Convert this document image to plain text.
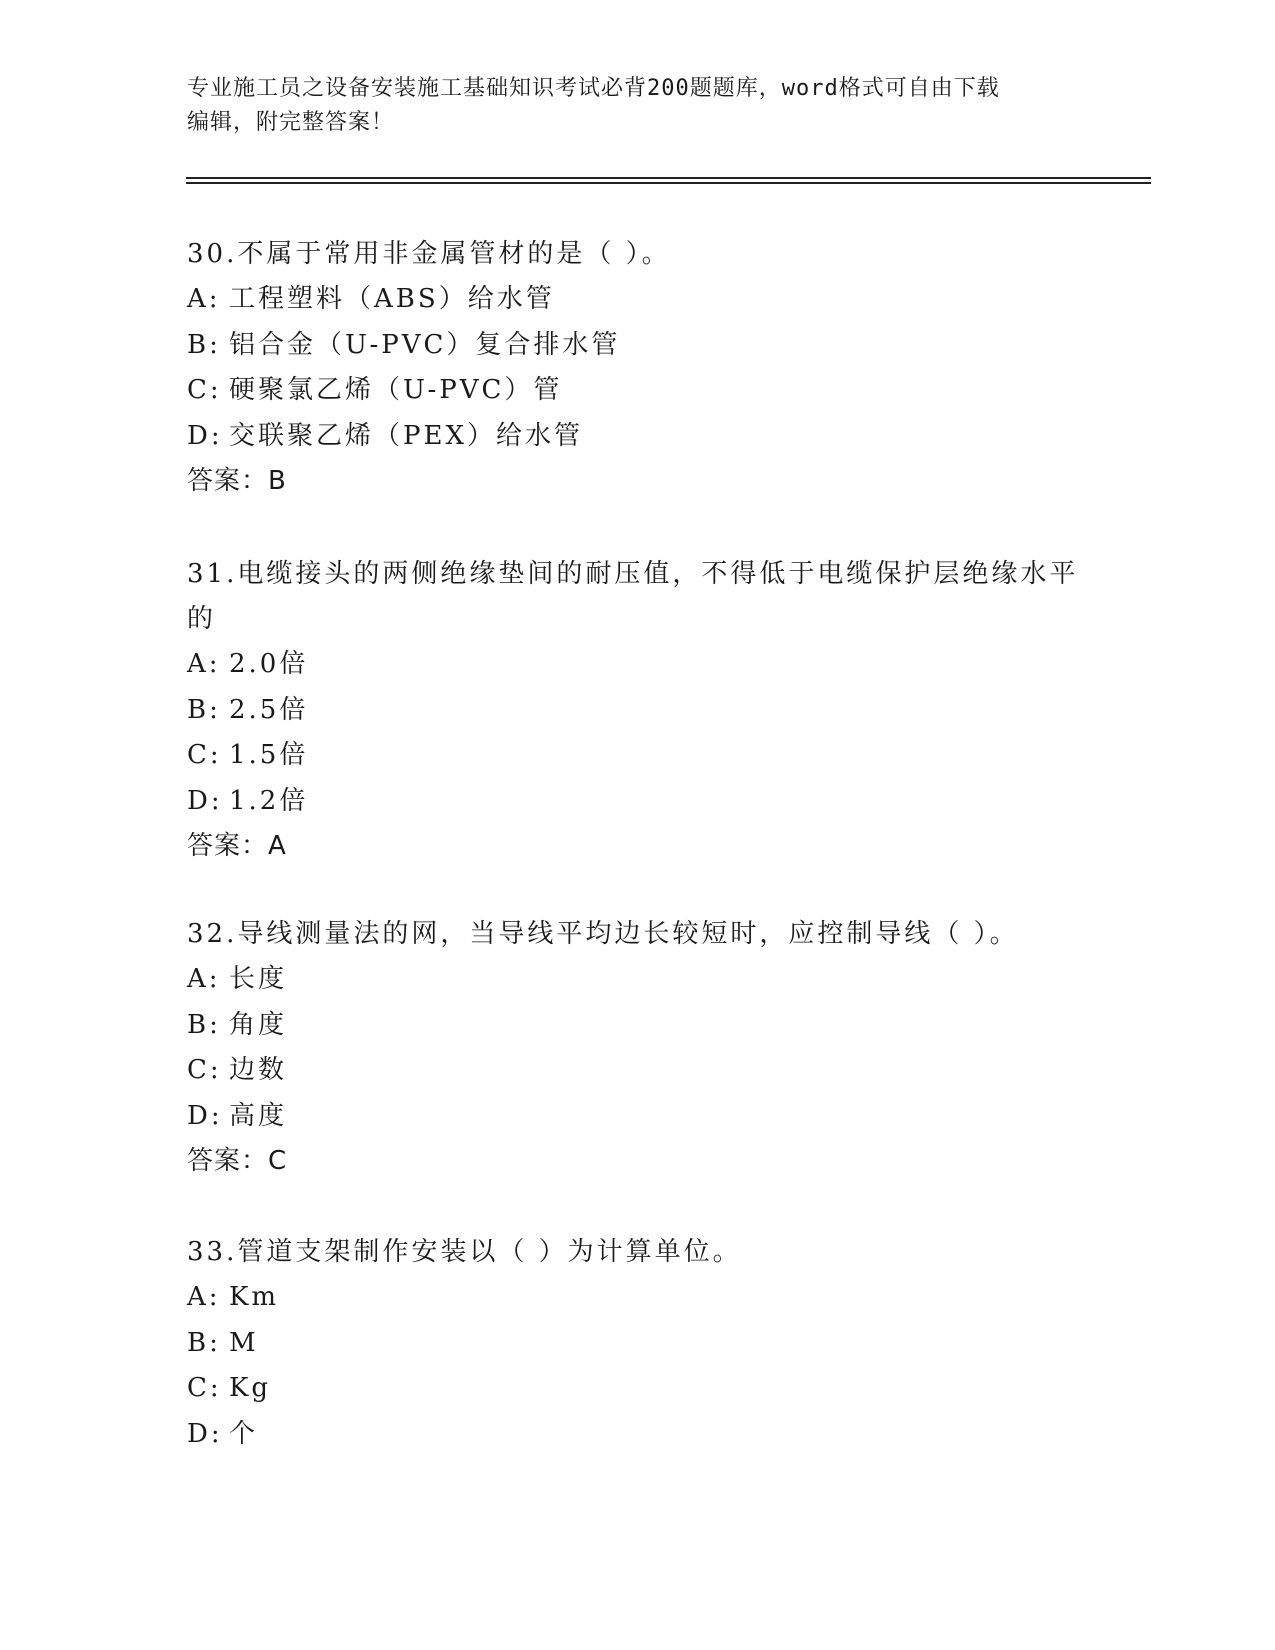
专业施工员之设备安装施工基础知识考试必背200题题库，word格式可自由下载
编辑，附完整答案！
30.不属于常用非金属管材的是（ ）。
A: 工程塑料（ABS）给水管
B: 铝合金（U-PVC）复合排水管
C: 硬聚氯乙烯（U-PVC）管
D: 交联聚乙烯（PEX）给水管
答案：B
31.电缆接头的两侧绝缘垫间的耐压值，不得低于电缆保护层绝缘水平的
A: 2.0倍
B: 2.5倍
C: 1.5倍
D: 1.2倍
答案：A
32.导线测量法的网，当导线平均边长较短时，应控制导线（ ）。
A: 长度
B: 角度
C: 边数
D: 高度
答案：C
33.管道支架制作安装以（ ）为计算单位。
A: Km
B: M
C: Kg
D: 个
